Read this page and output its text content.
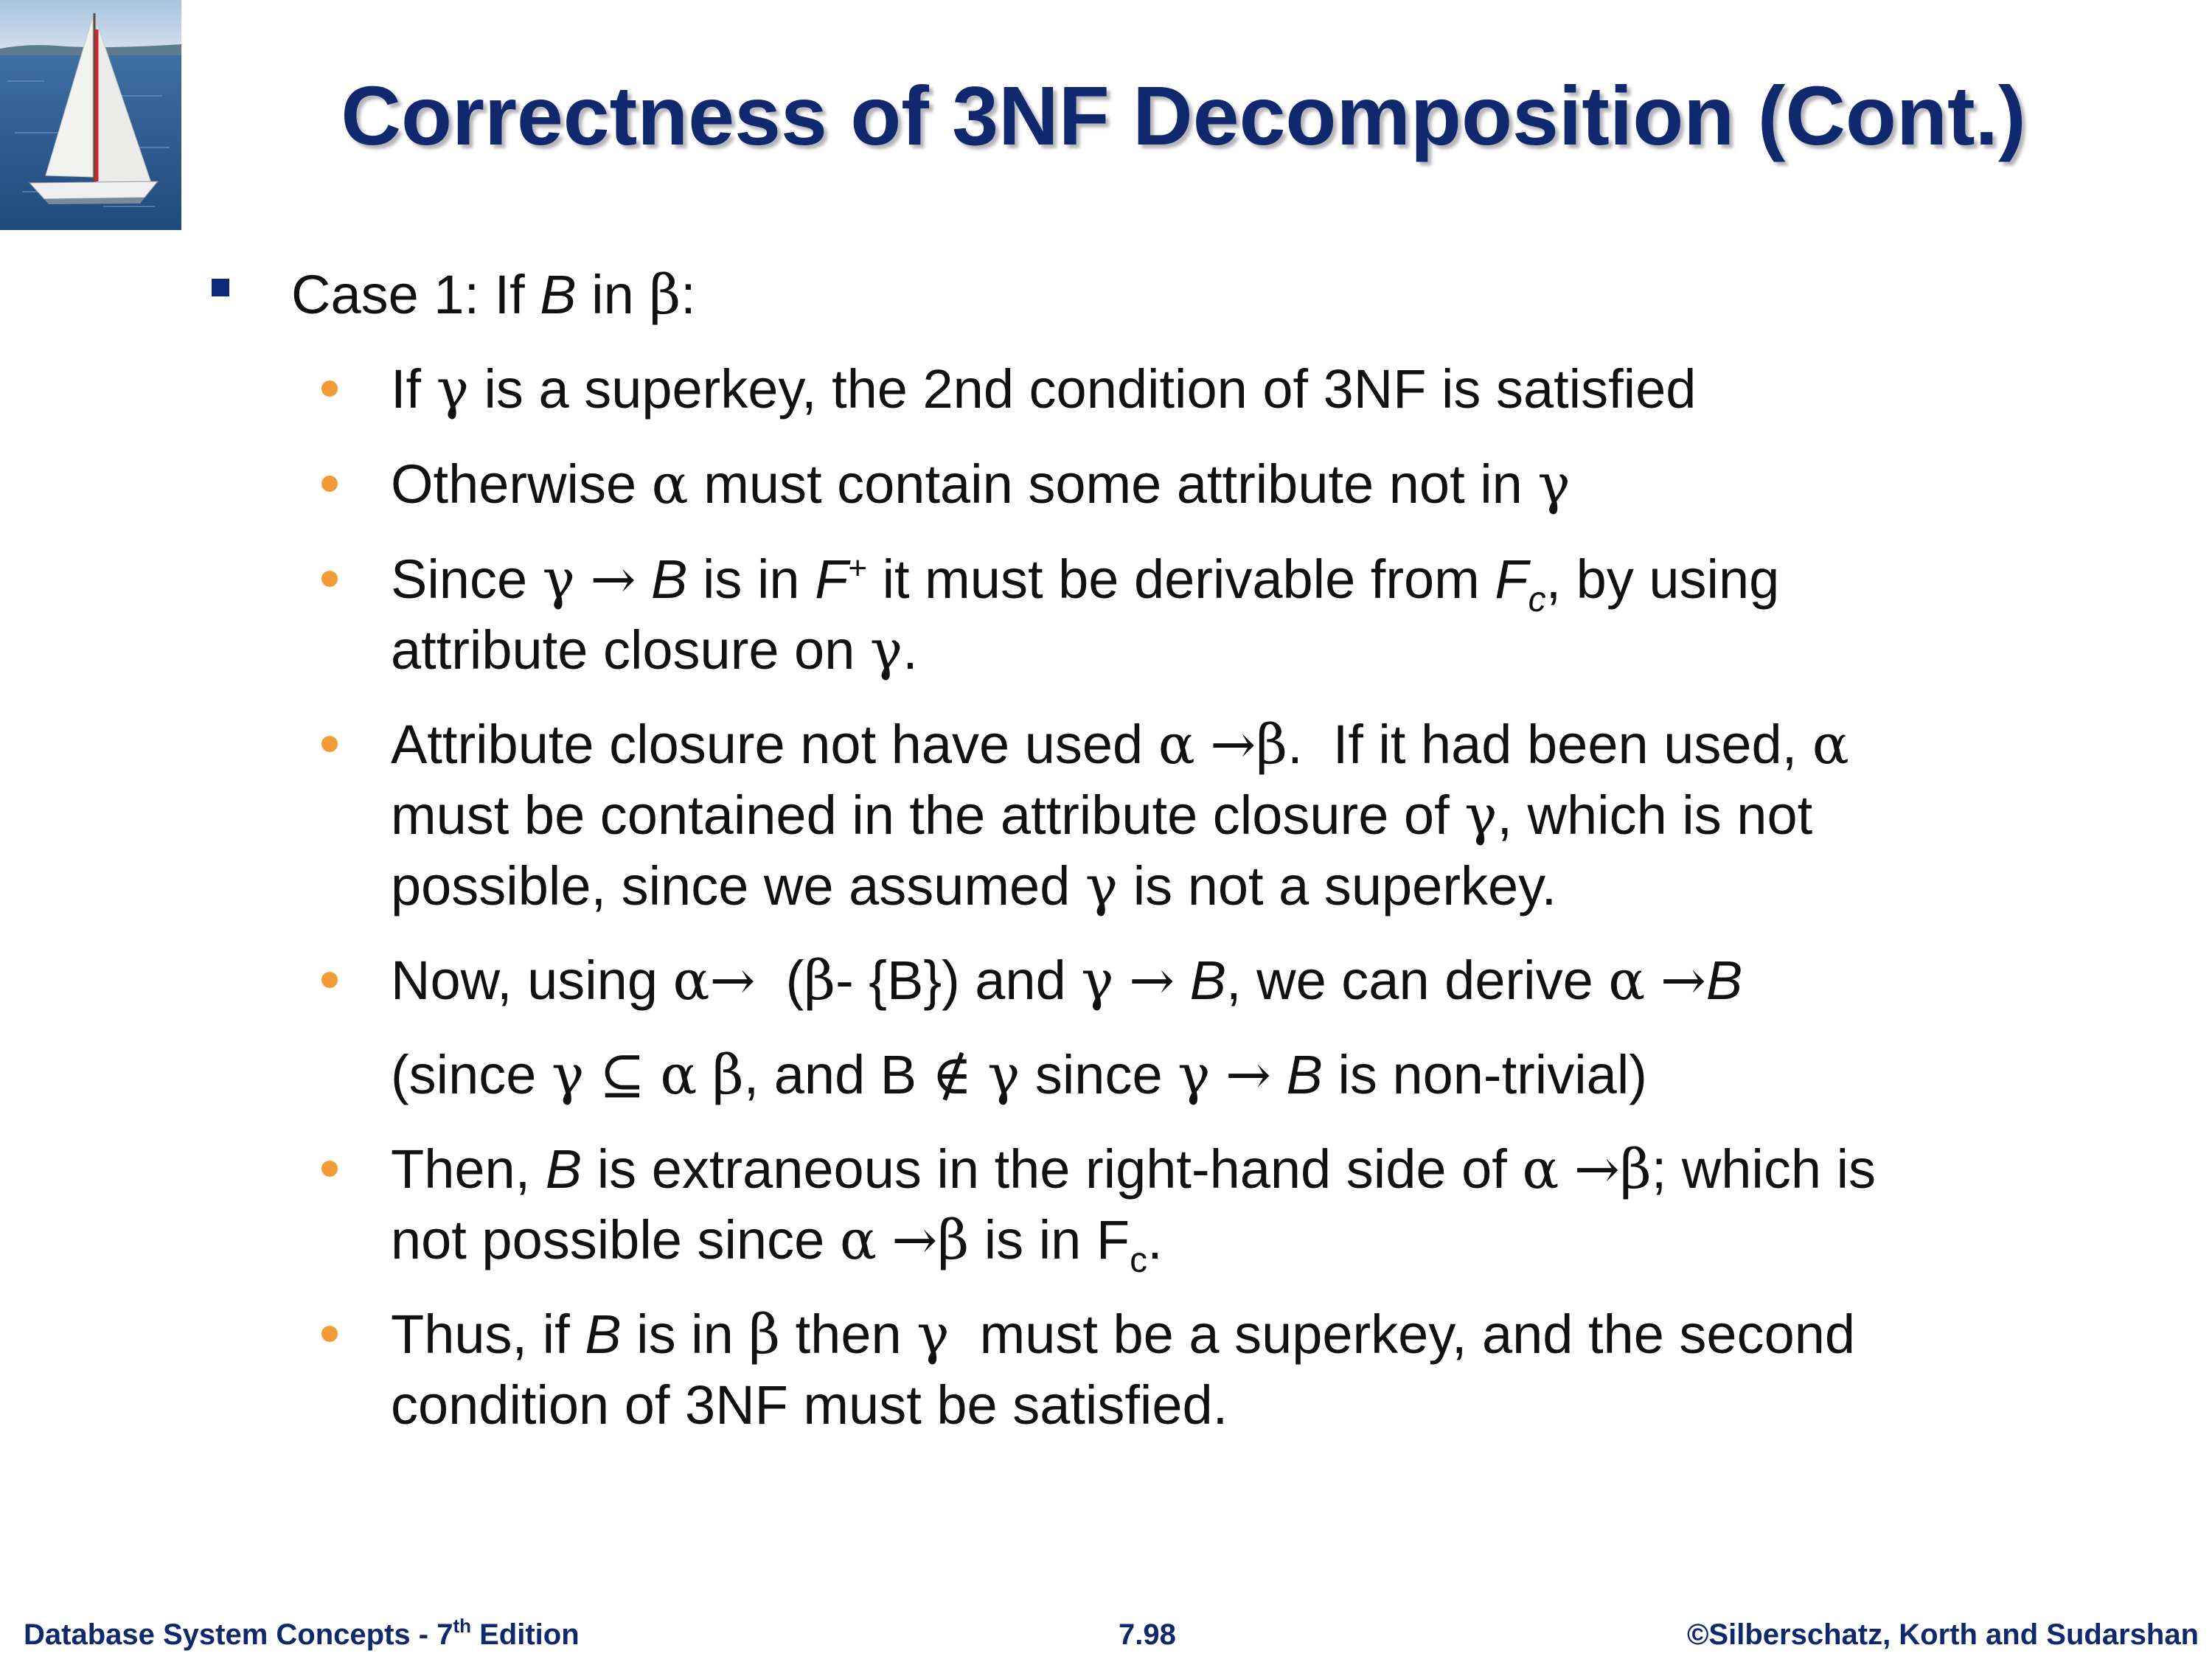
Correctness of 3NF Decomposition (Cont.)
Case 1: If B in β:
If γ is a superkey, the 2nd condition of 3NF is satisfied
Otherwise α must contain some attribute not in γ
Since γ → B is in F+ it must be derivable from $F_c$, by using
attribute closure on γ.
Attribute closure not have used α →β.  If it had been used, α
must be contained in the attribute closure of γ, which is not
possible, since we assumed γ is not a superkey.
Now, using α→  (β- {B}) and γ → B, we can derive α →B
(since γ ⊆ α β, and B ∉ γ since γ → B is non-trivial)
Then, B is extraneous in the right-hand side of α →β; which is
not possible since α →β is in $F_c$.
Thus, if B is in β then γ  must be a superkey, and the second
condition of 3NF must be satisfied.
Database System Concepts - 7th Edition	7.98	©Silberschatz, Korth and Sudarshan
